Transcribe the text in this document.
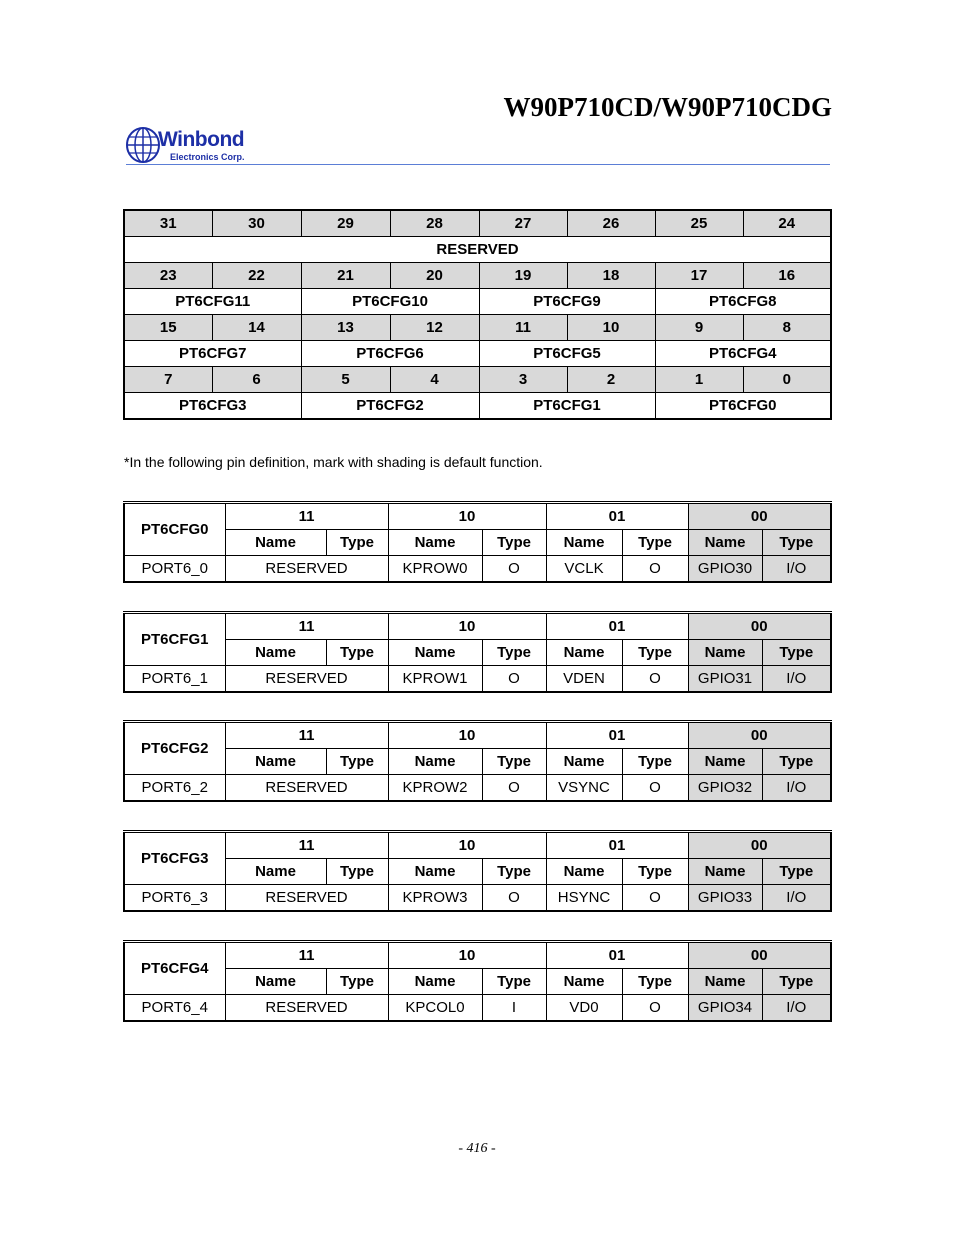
W90P710CD/W90P710CDG
Winbond
Electronics Corp.
31	30	29	28	27	26	25	24
RESERVED							
23	22	21	20	19	18	17	16
PT6CFG11		PT6CFG10		PT6CFG9		PT6CFG8	
15	14	13	12	11	10	9	8
PT6CFG7		PT6CFG6		PT6CFG5		PT6CFG4	
7	6	5	4	3	2	1	0
PT6CFG3		PT6CFG2		PT6CFG1		PT6CFG0	
*In the following pin definition, mark with shading is default function.
PT6CFG0	11		10		01		00	
	Name	Type	Name	Type	Name	Type	Name	Type
PORT6_0	RESERVED		KPROW0	O	VCLK	O	GPIO30	I/O
PT6CFG1	11		10		01		00	
	Name	Type	Name	Type	Name	Type	Name	Type
PORT6_1	RESERVED		KPROW1	O	VDEN	O	GPIO31	I/O
PT6CFG2	11		10		01		00	
	Name	Type	Name	Type	Name	Type	Name	Type
PORT6_2	RESERVED		KPROW2	O	VSYNC	O	GPIO32	I/O
PT6CFG3	11		10		01		00	
	Name	Type	Name	Type	Name	Type	Name	Type
PORT6_3	RESERVED		KPROW3	O	HSYNC	O	GPIO33	I/O
PT6CFG4	11		10		01		00	
	Name	Type	Name	Type	Name	Type	Name	Type
PORT6_4	RESERVED		KPCOL0	I	VD0	O	GPIO34	I/O
- 416 -
